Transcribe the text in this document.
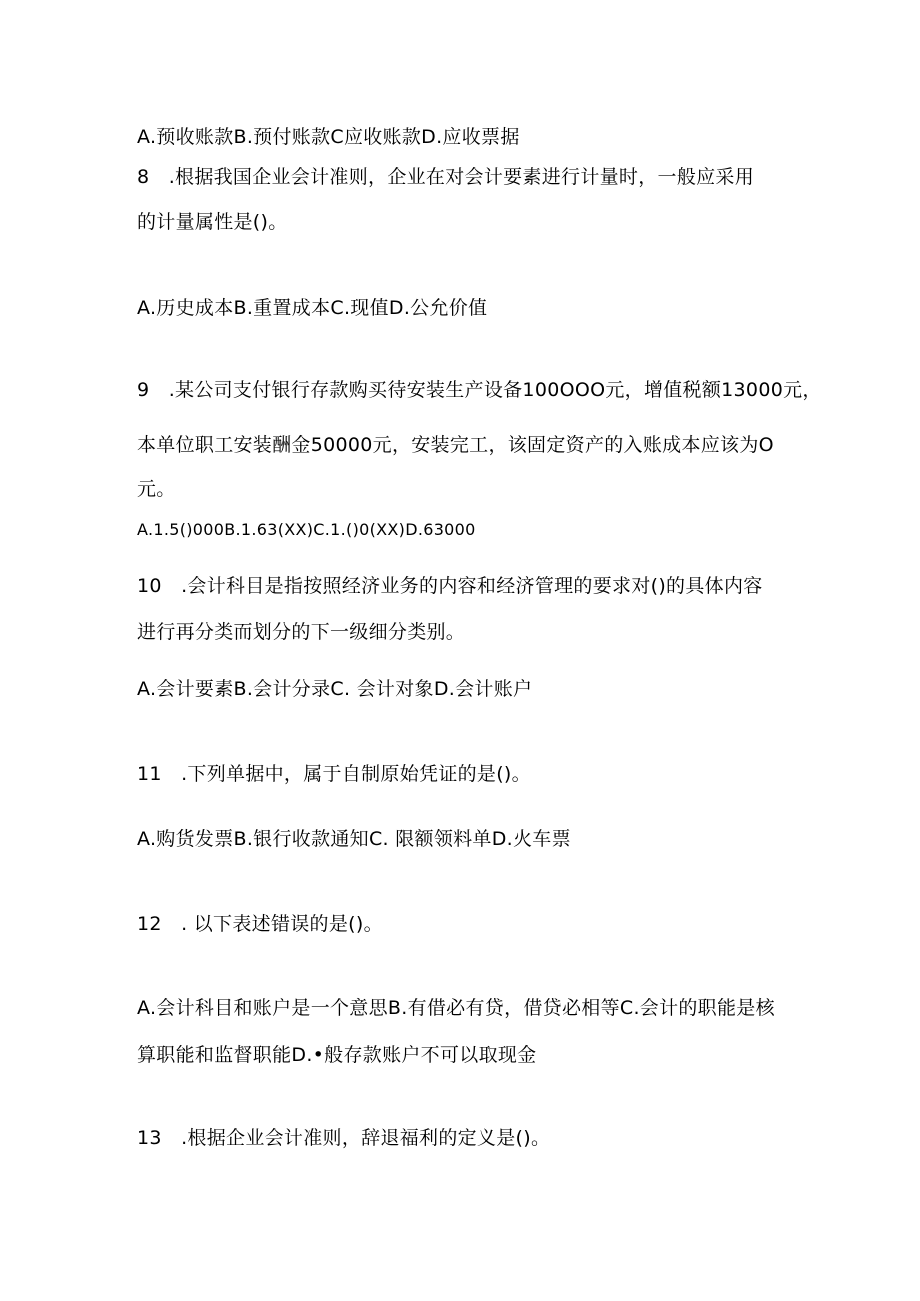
A.预收账款B.预付账款C应收账款D.应收票据
8　.根据我国企业会计准则，企业在对会计要素进行计量时，一般应采用
的计量属性是()。
A.历史成本B.重置成本C.现值D.公允价值
9　.某公司支付银行存款购买待安装生产设备100OOO元，增值税额13000元，
本单位职工安装酬金50000元，安装完工，该固定资产的入账成本应该为O
元。
A.1.5()000B.1.63(XX)C.1.()0(XX)D.63000
10　.会计科目是指按照经济业务的内容和经济管理的要求对()的具体内容
进行再分类而划分的下一级细分类别。
A.会计要素B.会计分录C. 会计对象D.会计账户
11　.下列单据中，属于自制原始凭证的是()。
A.购货发票B.银行收款通知C. 限额领料单D.火车票
12　. 以下表述错误的是()。
A.会计科目和账户是一个意思B.有借必有贷，借贷必相等C.会计的职能是核
算职能和监督职能D.•般存款账户不可以取现金
13　.根据企业会计准则，辞退福利的定义是()。
